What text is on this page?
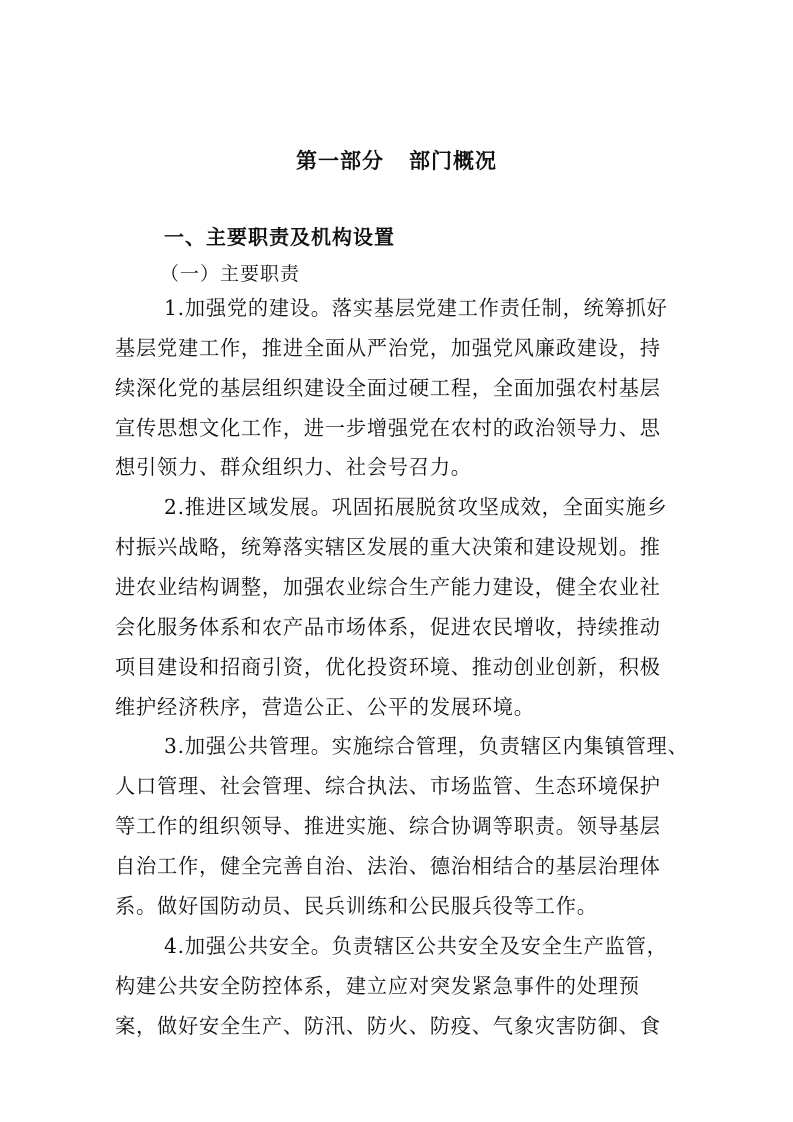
第一部分   部门概况
一、主要职责及机构设置
（一）主要职责
1.加强党的建设。落实基层党建工作责任制，统筹抓好
基层党建工作，推进全面从严治党，加强党风廉政建设，持
续深化党的基层组织建设全面过硬工程，全面加强农村基层
宣传思想文化工作，进一步增强党在农村的政治领导力、思
想引领力、群众组织力、社会号召力。
2.推进区域发展。巩固拓展脱贫攻坚成效，全面实施乡
村振兴战略，统筹落实辖区发展的重大决策和建设规划。推
进农业结构调整，加强农业综合生产能力建设，健全农业社
会化服务体系和农产品市场体系，促进农民增收，持续推动
项目建设和招商引资，优化投资环境、推动创业创新，积极
维护经济秩序，营造公正、公平的发展环境。
3.加强公共管理。实施综合管理，负责辖区内集镇管理、
人口管理、社会管理、综合执法、市场监管、生态环境保护
等工作的组织领导、推进实施、综合协调等职责。领导基层
自治工作，健全完善自治、法治、德治相结合的基层治理体
系。做好国防动员、民兵训练和公民服兵役等工作。
4.加强公共安全。负责辖区公共安全及安全生产监管，
构建公共安全防控体系，建立应对突发紧急事件的处理预
案，做好安全生产、防汛、防火、防疫、气象灾害防御、食
